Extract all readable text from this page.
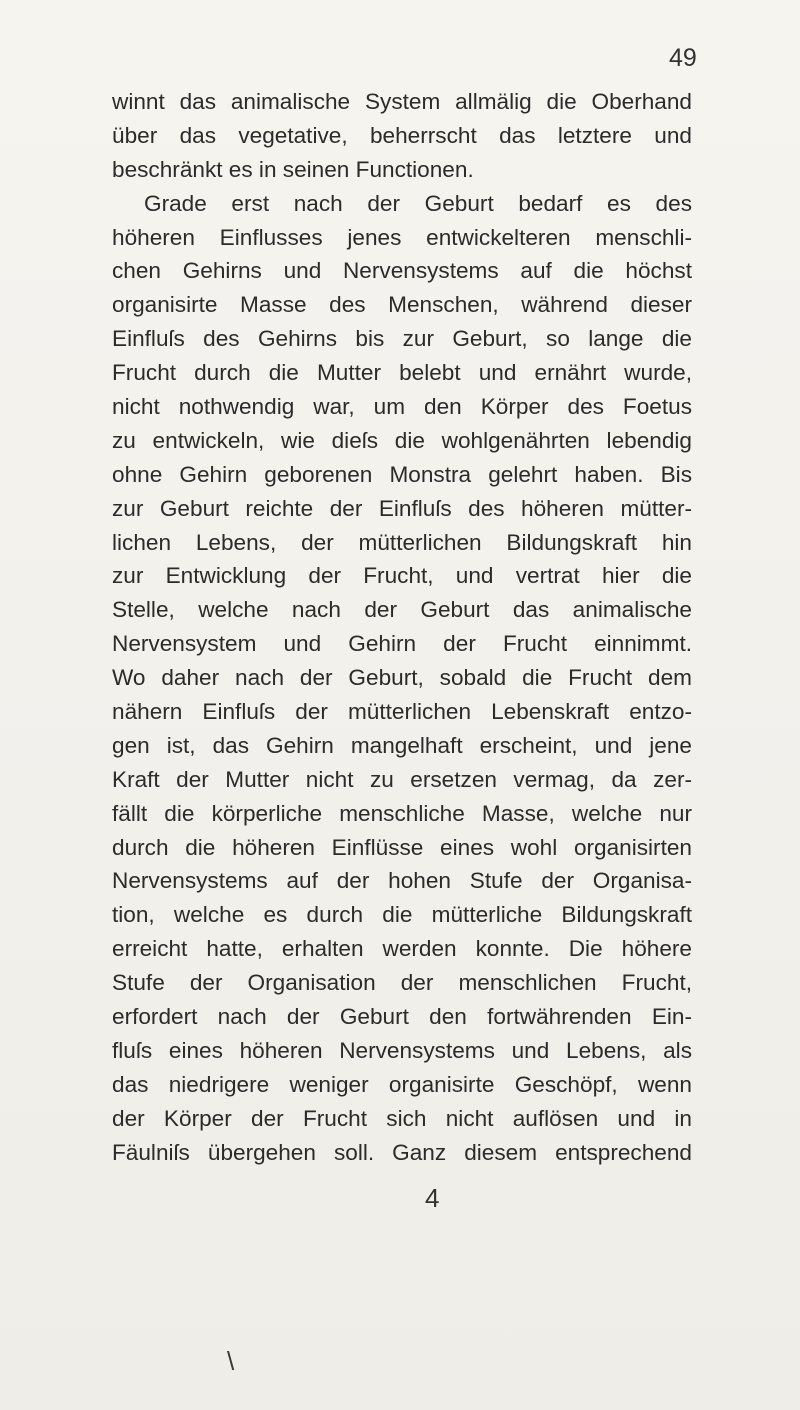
49
winnt das animalische System allmälig die Oberhand
über das vegetative, beherrscht das letztere und
beschränkt es in seinen Functionen.
Grade erst nach der Geburt bedarf es des
höheren Einflusses jenes entwickelteren menschli-
chen Gehirns und Nervensystems auf die höchst
organisirte Masse des Menschen, während dieser
Einfluſs des Gehirns bis zur Geburt, so lange die
Frucht durch die Mutter belebt und ernährt wurde,
nicht nothwendig war, um den Körper des Foetus
zu entwickeln, wie dieſs die wohlgenährten lebendig
ohne Gehirn geborenen Monstra gelehrt haben. Bis
zur Geburt reichte der Einfluſs des höheren mütter-
lichen Lebens, der mütterlichen Bildungskraft hin
zur Entwicklung der Frucht, und vertrat hier die
Stelle, welche nach der Geburt das animalische
Nervensystem und Gehirn der Frucht einnimmt.
Wo daher nach der Geburt, sobald die Frucht dem
nähern Einfluſs der mütterlichen Lebenskraft entzo-
gen ist, das Gehirn mangelhaft erscheint, und jene
Kraft der Mutter nicht zu ersetzen vermag, da zer-
fällt die körperliche menschliche Masse, welche nur
durch die höheren Einflüsse eines wohl organisirten
Nervensystems auf der hohen Stufe der Organisa-
tion, welche es durch die mütterliche Bildungskraft
erreicht hatte, erhalten werden konnte. Die höhere
Stufe der Organisation der menschlichen Frucht,
erfordert nach der Geburt den fortwährenden Ein-
fluſs eines höheren Nervensystems und Lebens, als
das niedrigere weniger organisirte Geschöpf, wenn
der Körper der Frucht sich nicht auflösen und in
Fäulniſs übergehen soll. Ganz diesem entsprechend
4
\
